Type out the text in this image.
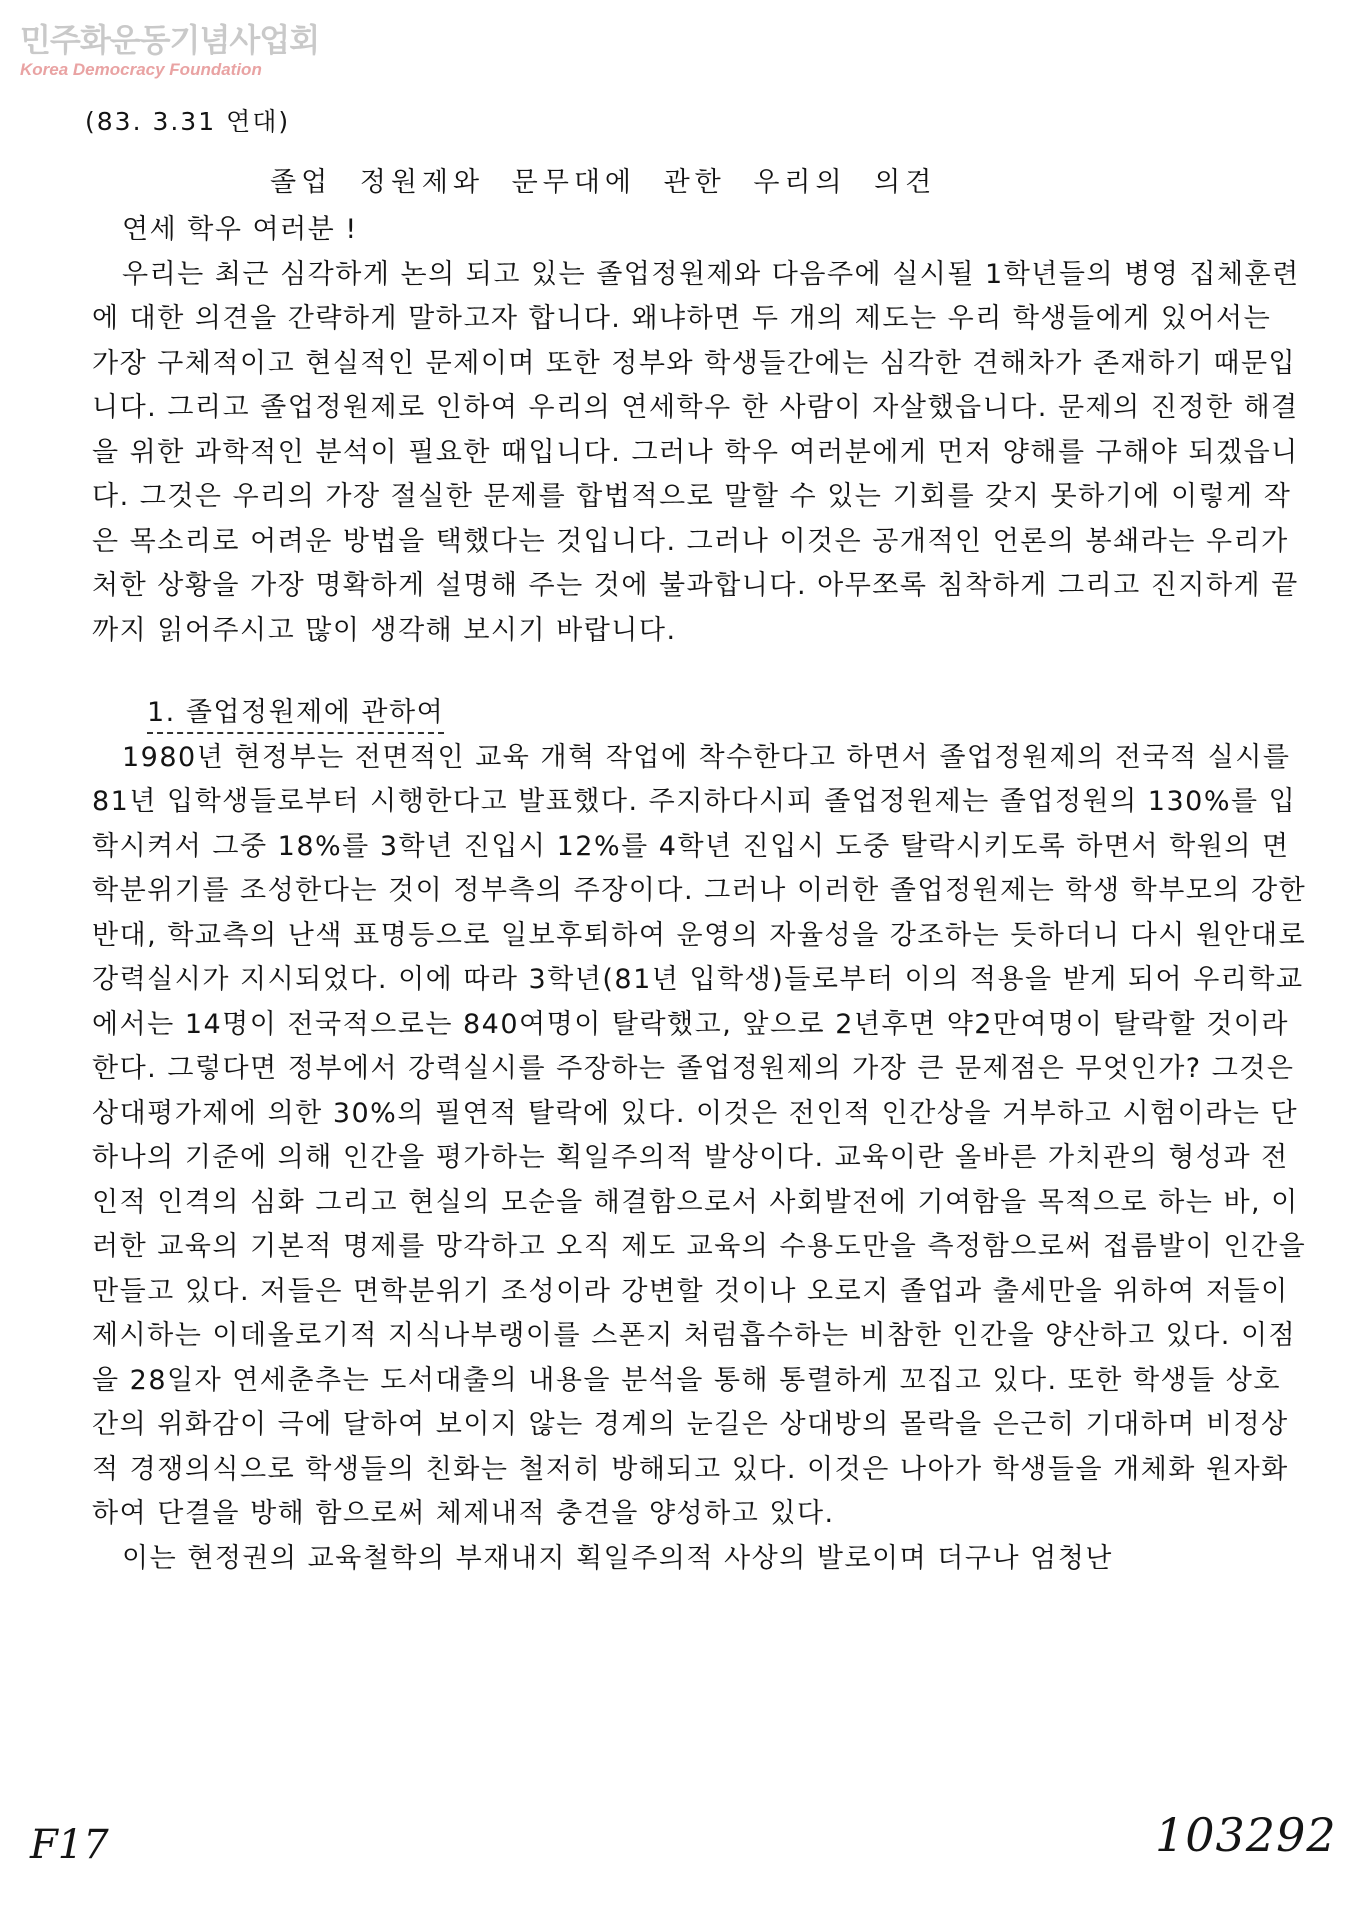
민주화운동기념사업회
Korea Democracy Foundation
(83. 3.31 연대)
졸업 정원제와 문무대에 관한 우리의 의견

연세 학우 여러분 !

우리는 최근 심각하게 논의 되고 있는 졸업정원제와 다음주에 실시될 1학년들의 병영 집체훈련에 대한 의견을 간략하게 말하고자 합니다. 왜냐하면 두 개의 제도는 우리 학생들에게 있어서는 가장 구체적이고 현실적인 문제이며 또한 정부와 학생들간에는 심각한 견해차가 존재하기 때문입니다. 그리고 졸업정원제로 인하여 우리의 연세학우 한 사람이 자살했읍니다. 문제의 진정한 해결을 위한 과학적인 분석이 필요한 때입니다. 그러나 학우 여러분에게 먼저 양해를 구해야 되겠읍니다. 그것은 우리의 가장 절실한 문제를 합법적으로 말할 수 있는 기회를 갖지 못하기에 이렇게 작은 목소리로 어려운 방법을 택했다는 것입니다. 그러나 이것은 공개적인 언론의 봉쇄라는 우리가 처한 상황을 가장 명확하게 설명해 주는 것에 불과합니다. 아무쪼록 침착하게 그리고 진지하게 끝까지 읽어주시고 많이 생각해 보시기 바랍니다.

1. 졸업정원제에 관하여

1980년 현정부는 전면적인 교육 개혁 작업에 착수한다고 하면서 졸업정원제의 전국적 실시를 81년 입학생들로부터 시행한다고 발표했다. 주지하다시피 졸업정원제는 졸업정원의 130%를 입학시켜서 그중 18%를 3학년 진입시 12%를 4학년 진입시 도중 탈락시키도록 하면서 학원의 면학분위기를 조성한다는 것이 정부측의 주장이다. 그러나 이러한 졸업정원제는 학생 학부모의 강한 반대, 학교측의 난색 표명등으로 일보후퇴하여 운영의 자율성을 강조하는 듯하더니 다시 원안대로 강력실시가 지시되었다. 이에 따라 3학년(81년 입학생)들로부터 이의 적용을 받게 되어 우리학교에서는 14명이 전국적으로는 840여명이 탈락했고, 앞으로 2년후면 약2만여명이 탈락할 것이라 한다. 그렇다면 정부에서 강력실시를 주장하는 졸업정원제의 가장 큰 문제점은 무엇인가? 그것은 상대평가제에 의한 30%의 필연적 탈락에 있다. 이것은 전인적 인간상을 거부하고 시험이라는 단하나의 기준에 의해 인간을 평가하는 획일주의적 발상이다. 교육이란 올바른 가치관의 형성과 전인적 인격의 심화 그리고 현실의 모순을 해결함으로서 사회발전에 기여함을 목적으로 하는 바, 이러한 교육의 기본적 명제를 망각하고 오직 제도 교육의 수용도만을 측정함으로써 접름발이 인간을 만들고 있다. 저들은 면학분위기 조성이라 강변할 것이나 오로지 졸업과 출세만을 위하여 저들이 제시하는 이데올로기적 지식나부랭이를 스폰지 처럼흡수하는 비참한 인간을 양산하고 있다. 이점을 28일자 연세춘추는 도서대출의 내용을 분석을 통해 통렬하게 꼬집고 있다. 또한 학생들 상호간의 위화감이 극에 달하여 보이지 않는 경계의 눈길은 상대방의 몰락을 은근히 기대하며 비정상적 경쟁의식으로 학생들의 친화는 철저히 방해되고 있다. 이것은 나아가 학생들을 개체화 원자화 하여 단결을 방해 함으로써 체제내적 충견을 양성하고 있다.

이는 현정권의 교육철학의 부재내지 획일주의적 사상의 발로이며 더구나 엄청난

F17	103292
